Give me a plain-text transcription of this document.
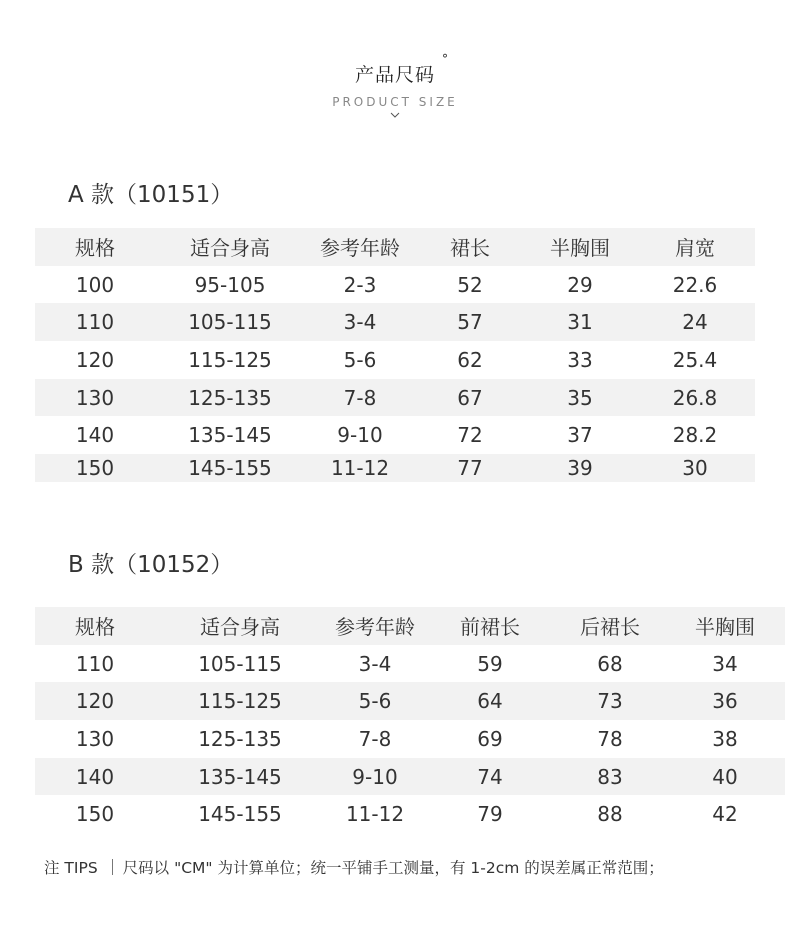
产品尺码
°
PRODUCT SIZE
A 款（10151）
规格	适合身高	参考年龄	裙长	半胸围	肩宽
100	95-105	2-3	52	29	22.6
110	105-115	3-4	57	31	24
120	115-125	5-6	62	33	25.4
130	125-135	7-8	67	35	26.8
140	135-145	9-10	72	37	28.2
150	145-155	11-12	77	39	30
B 款（10152）
规格	适合身高	参考年龄	前裙长	后裙长	半胸围
110	105-115	3-4	59	68	34
120	115-125	5-6	64	73	36
130	125-135	7-8	69	78	38
140	135-145	9-10	74	83	40
150	145-155	11-12	79	88	42
注 TIPS 尺码以 "CM" 为计算单位；统一平铺手工测量，有 1-2cm 的误差属正常范围；
